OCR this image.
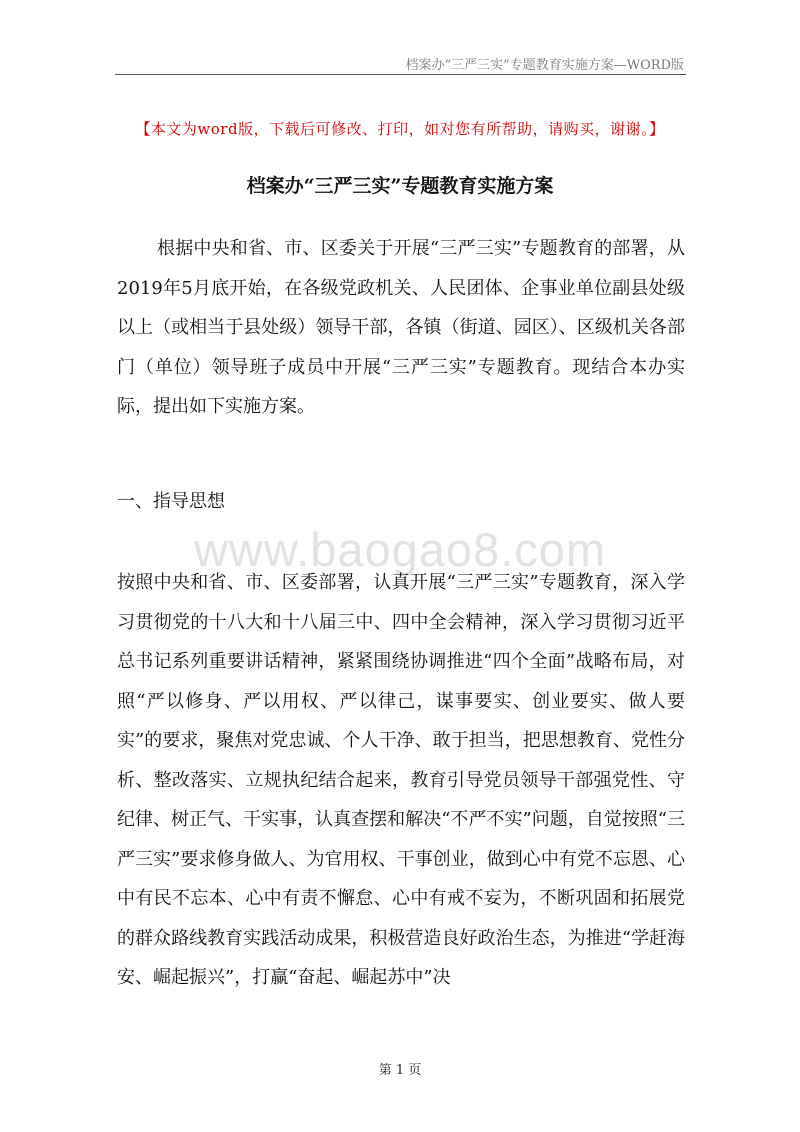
档案办“三严三实”专题教育实施方案—WORD版
【本文为word版，下载后可修改、打印，如对您有所帮助，请购买，谢谢。】
档案办“三严三实”专题教育实施方案

根据中央和省、市、区委关于开展“三严三实”专题教育的部署，从2019年5月底开始，在各级党政机关、人民团体、企事业单位副县处级以上（或相当于县处级）领导干部，各镇（街道、园区）、区级机关各部门（单位）领导班子成员中开展“三严三实”专题教育。现结合本办实际，提出如下实施方案。

一、指导思想
www.baogao8.com

按照中央和省、市、区委部署，认真开展“三严三实”专题教育，深入学习贯彻党的十八大和十八届三中、四中全会精神，深入学习贯彻习近平总书记系列重要讲话精神，紧紧围绕协调推进“四个全面”战略布局，对照“严以修身、严以用权、严以律己，谋事要实、创业要实、做人要实”的要求，聚焦对党忠诚、个人干净、敢于担当，把思想教育、党性分析、整改落实、立规执纪结合起来，教育引导党员领导干部强党性、守纪律、树正气、干实事，认真查摆和解决“不严不实”问题，自觉按照“三严三实”要求修身做人、为官用权、干事创业，做到心中有党不忘恩、心中有民不忘本、心中有责不懈怠、心中有戒不妄为，不断巩固和拓展党的群众路线教育实践活动成果，积极营造良好政治生态，为推进“学赶海安、崛起振兴”，打赢“奋起、崛起苏中”决

第 1 页
